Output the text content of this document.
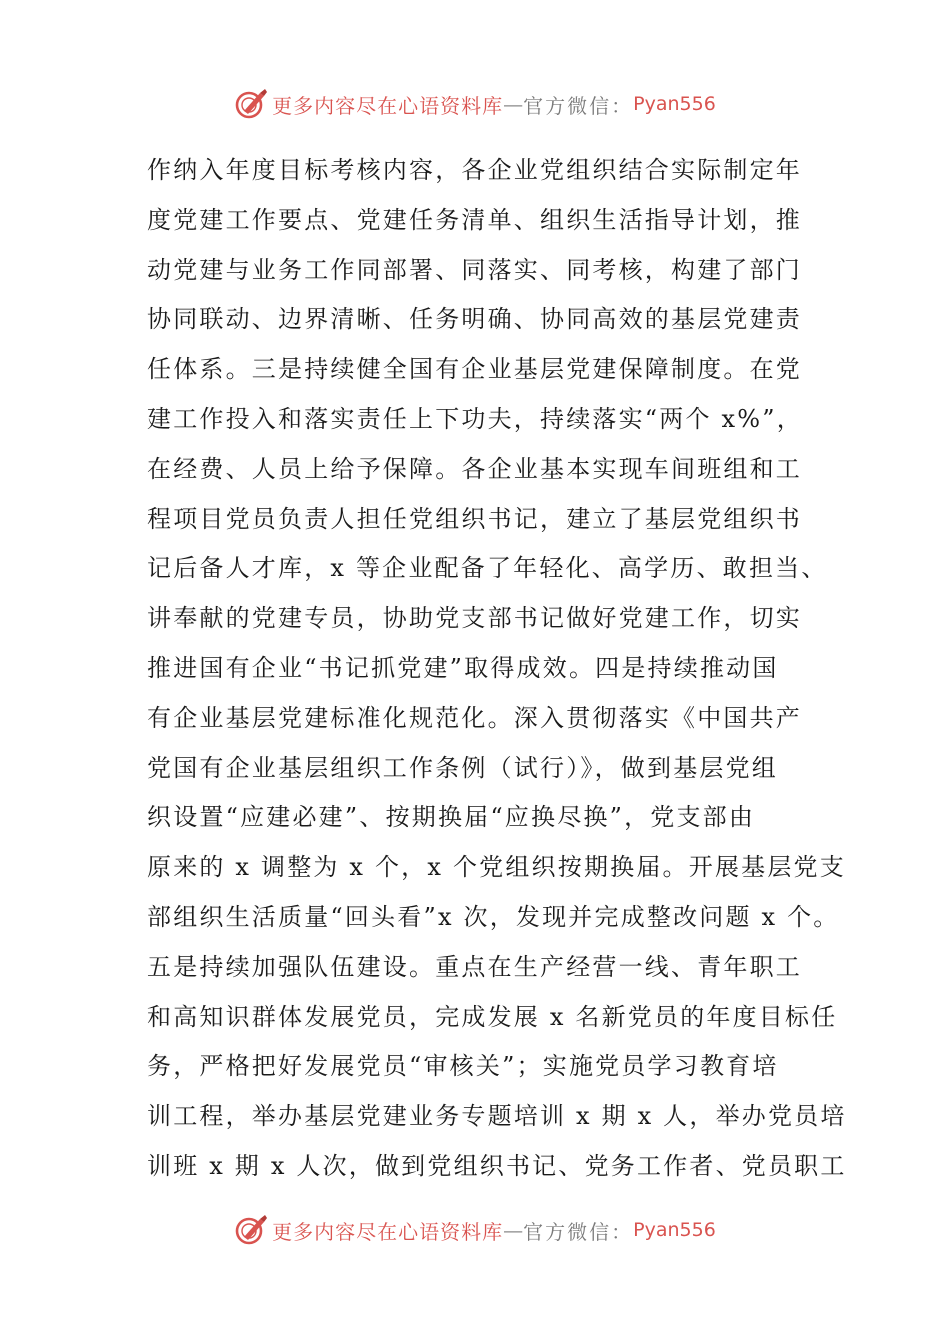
更多内容尽在心语资料库 — 官方微信： Pyan556
作纳入年度目标考核内容，各企业党组织结合实际制定年
度党建工作要点、党建任务清单、组织生活指导计划，推
动党建与业务工作同部署、同落实、同考核，构建了部门
协同联动、边界清晰、任务明确、协同高效的基层党建责
任体系。三是持续健全国有企业基层党建保障制度。在党
建工作投入和落实责任上下功夫，持续落实“两个 x%”，
在经费、人员上给予保障。各企业基本实现车间班组和工
程项目党员负责人担任党组织书记，建立了基层党组织书
记后备人才库，x 等企业配备了年轻化、高学历、敢担当、
讲奉献的党建专员，协助党支部书记做好党建工作，切实
推进国有企业“书记抓党建”取得成效。四是持续推动国
有企业基层党建标准化规范化。深入贯彻落实《中国共产
党国有企业基层组织工作条例（试行）》，做到基层党组
织设置“应建必建”、按期换届“应换尽换”，党支部由
原来的 x 调整为 x 个，x 个党组织按期换届。开展基层党支
部组织生活质量“回头看”x 次，发现并完成整改问题 x 个。
五是持续加强队伍建设。重点在生产经营一线、青年职工
和高知识群体发展党员，完成发展 x 名新党员的年度目标任
务，严格把好发展党员“审核关”；实施党员学习教育培
训工程，举办基层党建业务专题培训 x 期 x 人，举办党员培
训班 x 期 x 人次，做到党组织书记、党务工作者、党员职工
更多内容尽在心语资料库 — 官方微信： Pyan556
